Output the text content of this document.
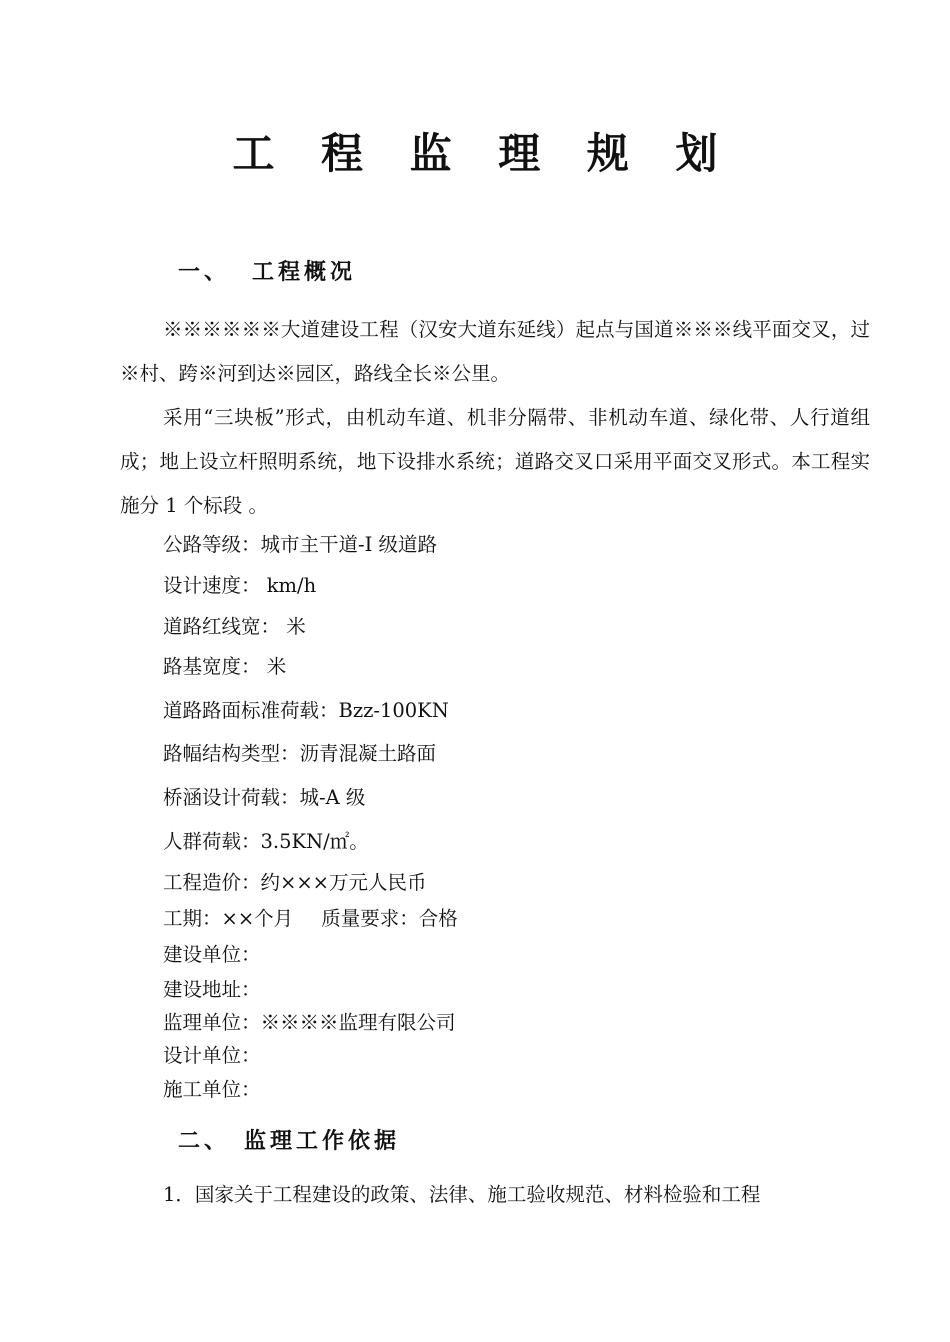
工 程 监 理 规 划
一、 工程概况
※※※※※※大道建设工程（汉安大道东延线）起点与国道※※※线平面交叉，过※村、跨※河到达※园区，路线全长※公里。
采用“三块板”形式，由机动车道、机非分隔带、非机动车道、绿化带、人行道组成；地上设立杆照明系统，地下设排水系统；道路交叉口采用平面交叉形式。本工程实施分 1 个标段 。
公路等级：城市主干道-I 级道路
设计速度： km/h
道路红线宽： 米
路基宽度： 米
道路路面标准荷载：Bzz-100KN
路幅结构类型：沥青混凝土路面
桥涵设计荷载：城-A 级
人群荷载：3.5KN/㎡。
工程造价：约×××万元人民币
工期：××个月 质量要求：合格
建设单位：
建设地址：
监理单位：※※※※监理有限公司
设计单位：
施工单位：
二、 监理工作依据
1．国家关于工程建设的政策、法律、施工验收规范、材料检验和工程
